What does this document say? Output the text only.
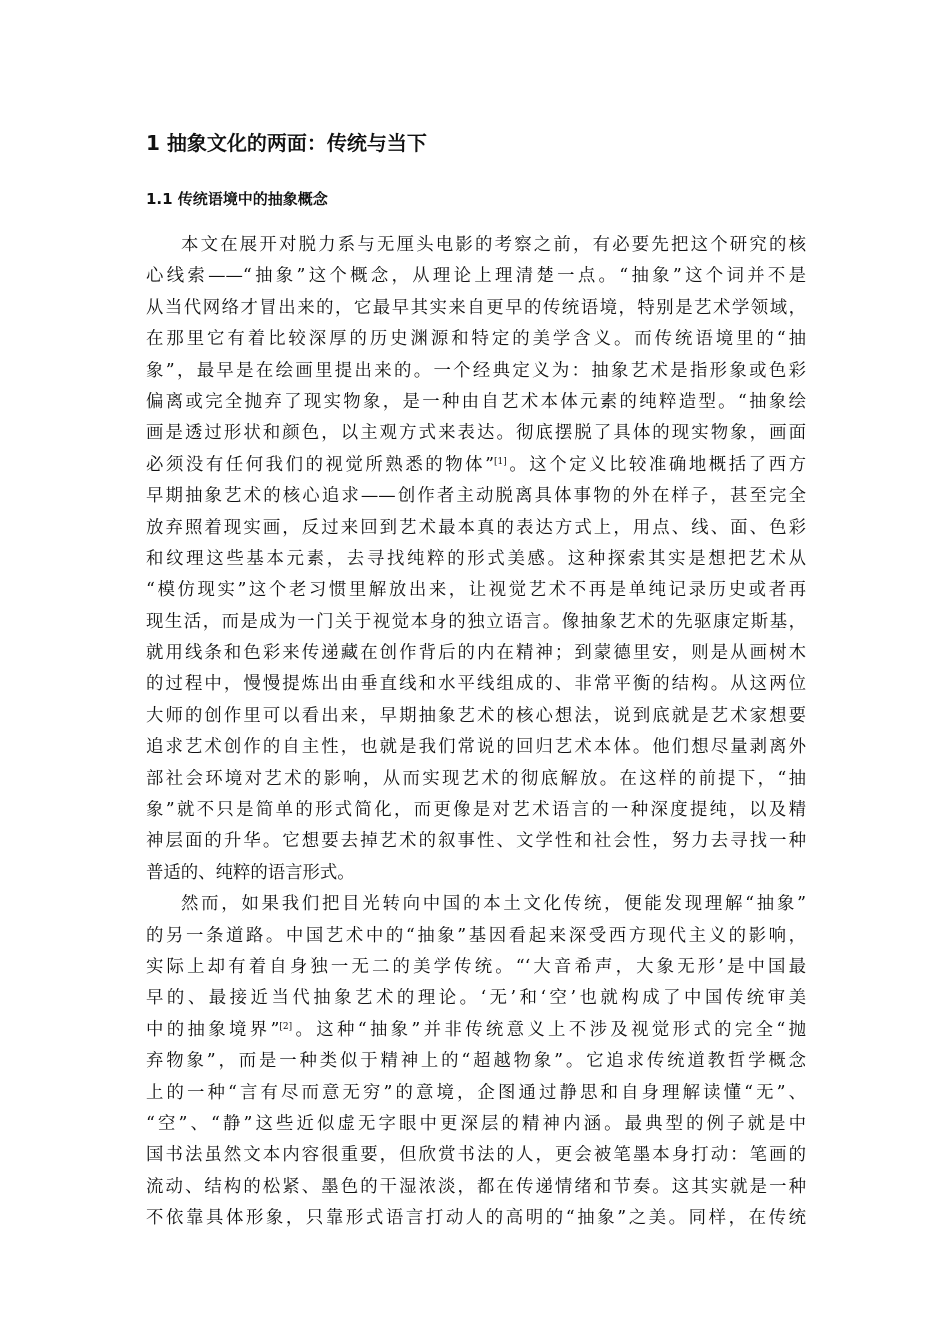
1 抽象文化的两面：传统与当下
1.1 传统语境中的抽象概念
本文在展开对脱力系与无厘头电影的考察之前，有必要先把这个研究的核
心线索——“抽象”这个概念，从理论上理清楚一点。“抽象”这个词并不是
从当代网络才冒出来的，它最早其实来自更早的传统语境，特别是艺术学领域，
在那里它有着比较深厚的历史渊源和特定的美学含义。而传统语境里的“抽
象”，最早是在绘画里提出来的。一个经典定义为：抽象艺术是指形象或色彩
偏离或完全抛弃了现实物象，是一种由自艺术本体元素的纯粹造型。“抽象绘
画是透过形状和颜色，以主观方式来表达。彻底摆脱了具体的现实物象，画面
必须没有任何我们的视觉所熟悉的物体”[1]。这个定义比较准确地概括了西方
早期抽象艺术的核心追求——创作者主动脱离具体事物的外在样子，甚至完全
放弃照着现实画，反过来回到艺术最本真的表达方式上，用点、线、面、色彩
和纹理这些基本元素，去寻找纯粹的形式美感。这种探索其实是想把艺术从
“模仿现实”这个老习惯里解放出来，让视觉艺术不再是单纯记录历史或者再
现生活，而是成为一门关于视觉本身的独立语言。像抽象艺术的先驱康定斯基，
就用线条和色彩来传递藏在创作背后的内在精神；到蒙德里安，则是从画树木
的过程中，慢慢提炼出由垂直线和水平线组成的、非常平衡的结构。从这两位
大师的创作里可以看出来，早期抽象艺术的核心想法，说到底就是艺术家想要
追求艺术创作的自主性，也就是我们常说的回归艺术本体。他们想尽量剥离外
部社会环境对艺术的影响，从而实现艺术的彻底解放。在这样的前提下，“抽
象”就不只是简单的形式简化，而更像是对艺术语言的一种深度提纯，以及精
神层面的升华。它想要去掉艺术的叙事性、文学性和社会性，努力去寻找一种
普适的、纯粹的语言形式。
然而，如果我们把目光转向中国的本土文化传统，便能发现理解“抽象”
的另一条道路。中国艺术中的“抽象”基因看起来深受西方现代主义的影响，
实际上却有着自身独一无二的美学传统。“‘大音希声，大象无形’是中国最
早的、最接近当代抽象艺术的理论。‘无’和‘空’也就构成了中国传统审美
中的抽象境界”[2]。这种“抽象”并非传统意义上不涉及视觉形式的完全“抛
弃物象”，而是一种类似于精神上的“超越物象”。它追求传统道教哲学概念
上的一种“言有尽而意无穷”的意境，企图通过静思和自身理解读懂“无”、
“空”、“静”这些近似虚无字眼中更深层的精神内涵。最典型的例子就是中
国书法虽然文本内容很重要，但欣赏书法的人，更会被笔墨本身打动：笔画的
流动、结构的松紧、墨色的干湿浓淡，都在传递情绪和节奏。这其实就是一种
不依靠具体形象，只靠形式语言打动人的高明的“抽象”之美。同样，在传统
